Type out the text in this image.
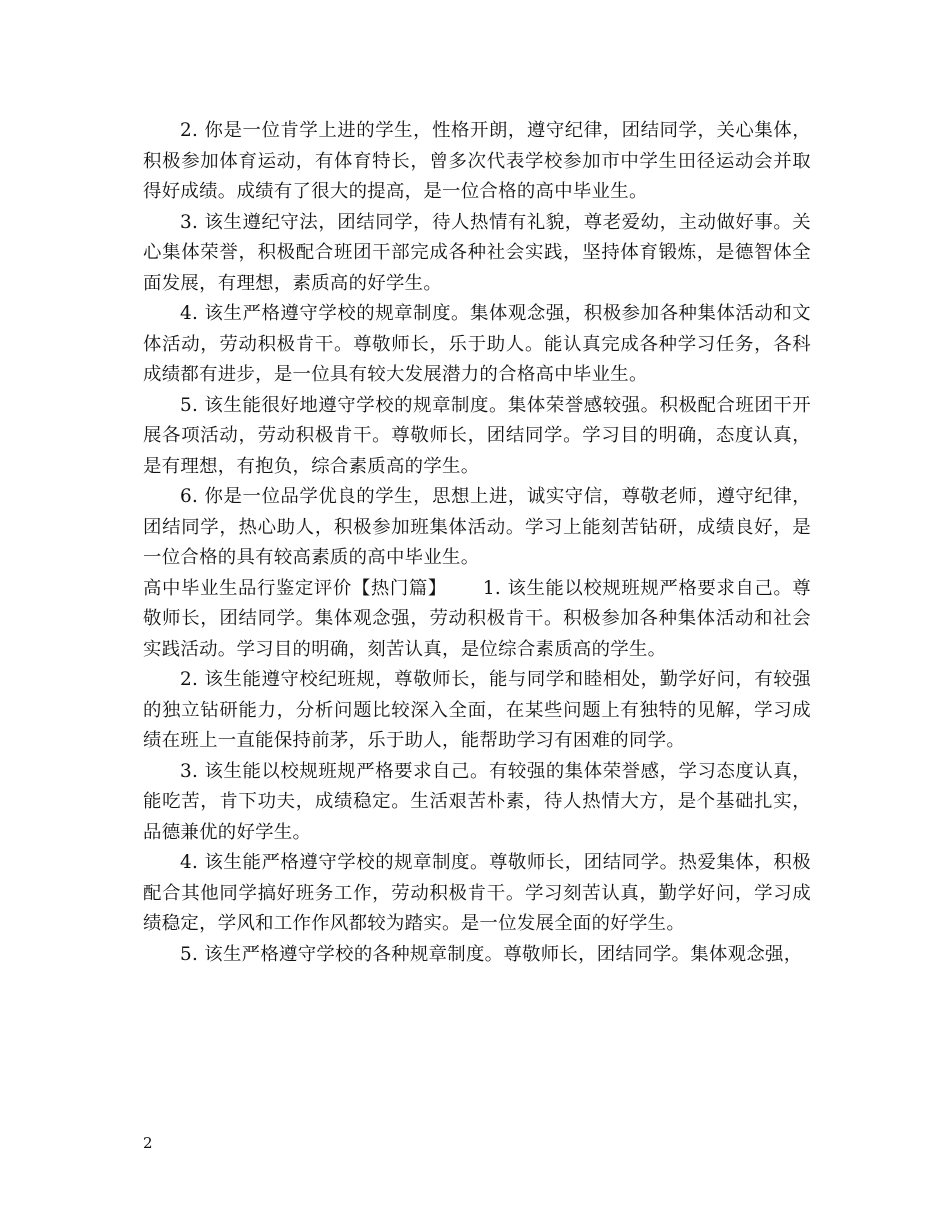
2. 你是一位肯学上进的学生，性格开朗，遵守纪律，团结同学，关心集体，积极参加体育运动，有体育特长，曾多次代表学校参加市中学生田径运动会并取得好成绩。成绩有了很大的提高，是一位合格的高中毕业生。

3. 该生遵纪守法，团结同学，待人热情有礼貌，尊老爱幼，主动做好事。关心集体荣誉，积极配合班团干部完成各种社会实践，坚持体育锻炼，是德智体全面发展，有理想，素质高的好学生。

4. 该生严格遵守学校的规章制度。集体观念强，积极参加各种集体活动和文体活动，劳动积极肯干。尊敬师长，乐于助人。能认真完成各种学习任务，各科成绩都有进步，是一位具有较大发展潜力的合格高中毕业生。

5. 该生能很好地遵守学校的规章制度。集体荣誉感较强。积极配合班团干开展各项活动，劳动积极肯干。尊敬师长，团结同学。学习目的明确，态度认真，是有理想，有抱负，综合素质高的学生。

6. 你是一位品学优良的学生，思想上进，诚实守信，尊敬老师，遵守纪律，团结同学，热心助人，积极参加班集体活动。学习上能刻苦钻研，成绩良好，是一位合格的具有较高素质的高中毕业生。

高中毕业生品行鉴定评价【热门篇】 1. 该生能以校规班规严格要求自己。尊敬师长，团结同学。集体观念强，劳动积极肯干。积极参加各种集体活动和社会实践活动。学习目的明确，刻苦认真，是位综合素质高的学生。

2. 该生能遵守校纪班规，尊敬师长，能与同学和睦相处，勤学好问，有较强的独立钻研能力，分析问题比较深入全面，在某些问题上有独特的见解，学习成绩在班上一直能保持前茅，乐于助人，能帮助学习有困难的同学。

3. 该生能以校规班规严格要求自己。有较强的集体荣誉感，学习态度认真，能吃苦，肯下功夫，成绩稳定。生活艰苦朴素，待人热情大方，是个基础扎实，品德兼优的好学生。

4. 该生能严格遵守学校的规章制度。尊敬师长，团结同学。热爱集体，积极配合其他同学搞好班务工作，劳动积极肯干。学习刻苦认真，勤学好问，学习成绩稳定，学风和工作作风都较为踏实。是一位发展全面的好学生。

5. 该生严格遵守学校的各种规章制度。尊敬师长，团结同学。集体观念强，

2
